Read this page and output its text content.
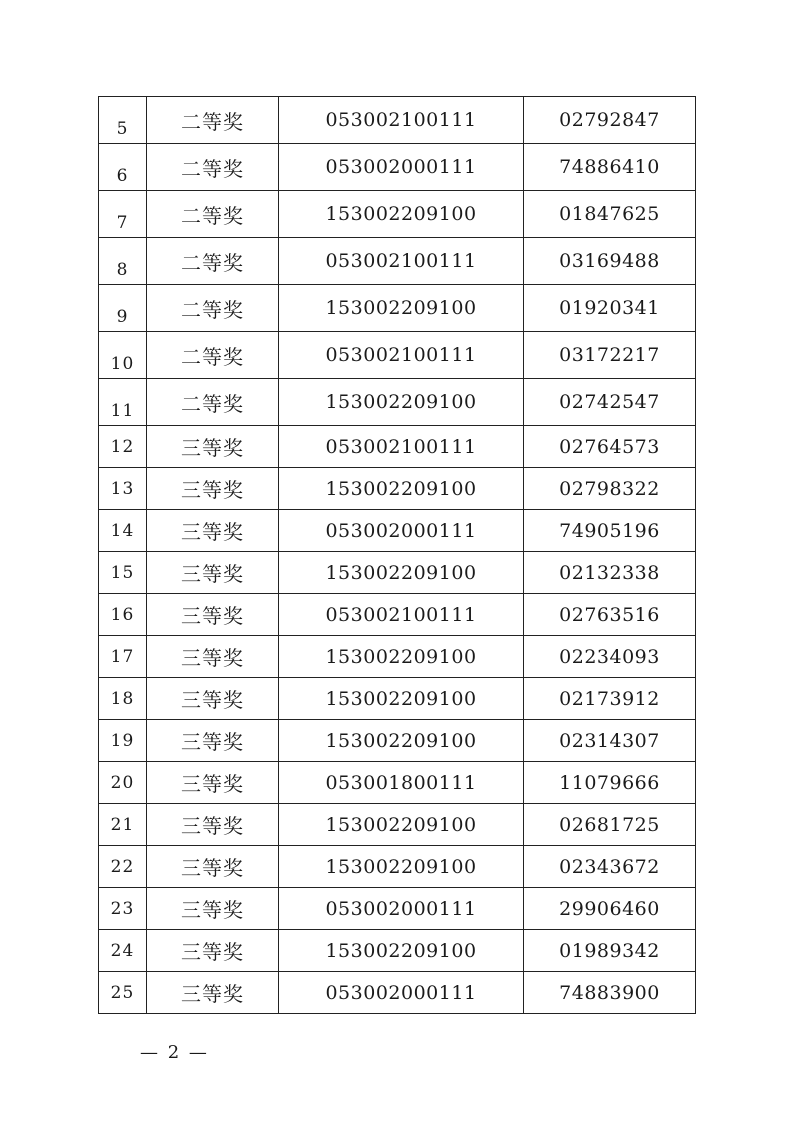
5	二等奖	053002100111	02792847
6	二等奖	053002000111	74886410
7	二等奖	153002209100	01847625
8	二等奖	053002100111	03169488
9	二等奖	153002209100	01920341
10	二等奖	053002100111	03172217
11	二等奖	153002209100	02742547
12	三等奖	053002100111	02764573
13	三等奖	153002209100	02798322
14	三等奖	053002000111	74905196
15	三等奖	153002209100	02132338
16	三等奖	053002100111	02763516
17	三等奖	153002209100	02234093
18	三等奖	153002209100	02173912
19	三等奖	153002209100	02314307
20	三等奖	053001800111	11079666
21	三等奖	153002209100	02681725
22	三等奖	153002209100	02343672
23	三等奖	053002000111	29906460
24	三等奖	153002209100	01989342
25	三等奖	053002000111	74883900
— 2 —
